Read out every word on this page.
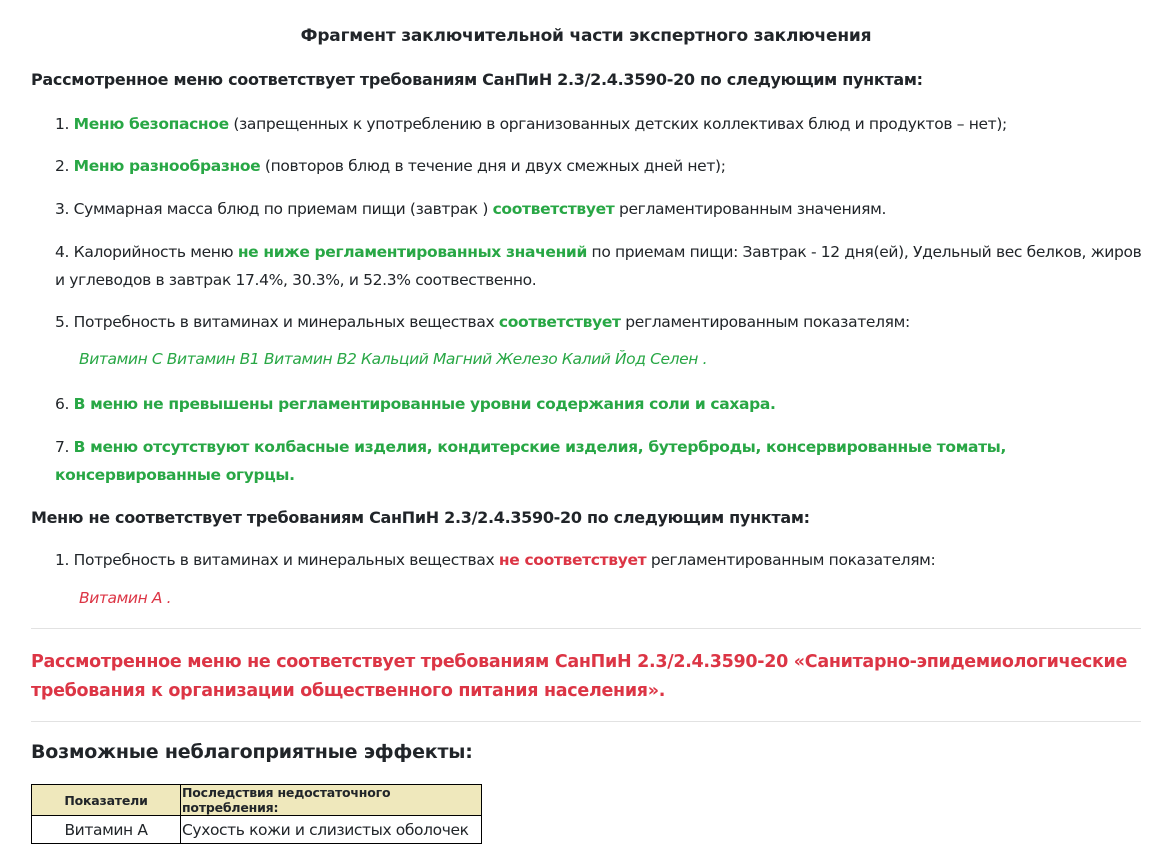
Фрагмент заключительной части экспертного заключения
Рассмотренное меню соответствует требованиям СанПиН 2.3/2.4.3590-20 по следующим пунктам:
1. Меню безопасное (запрещенных к употреблению в организованных детских коллективах блюд и продуктов – нет);
2. Меню разнообразное (повторов блюд в течение дня и двух смежных дней нет);
3. Суммарная масса блюд по приемам пищи (завтрак ) соответствует регламентированным значениям.
4. Калорийность меню не ниже регламентированных значений по приемам пищи: Завтрак - 12 дня(ей), Удельный вес белков, жиров и углеводов в завтрак 17.4%, 30.3%, и 52.3% соотвественно.
5. Потребность в витаминах и минеральных веществах соответствует регламентированным показателям:
Витамин C Витамин B1 Витамин B2 Кальций Магний Железо Калий Йод Селен .
6. В меню не превышены регламентированные уровни содержания соли и сахара.
7. В меню отсутствуют колбасные изделия, кондитерские изделия, бутерброды, консервированные томаты, консервированные огурцы.
Меню не соответствует требованиям СанПиН 2.3/2.4.3590-20 по следующим пунктам:
1. Потребность в витаминах и минеральных веществах не соответствует регламентированным показателям:
Витамин A .
Рассмотренное меню не соответствует требованиям СанПиН 2.3/2.4.3590-20 «Санитарно-эпидемиологические требования к организации общественного питания населения».
Возможные неблагоприятные эффекты:
Показатели	Последствия недостаточного потребления:
Витамин A	Сухость кожи и слизистых оболочек
